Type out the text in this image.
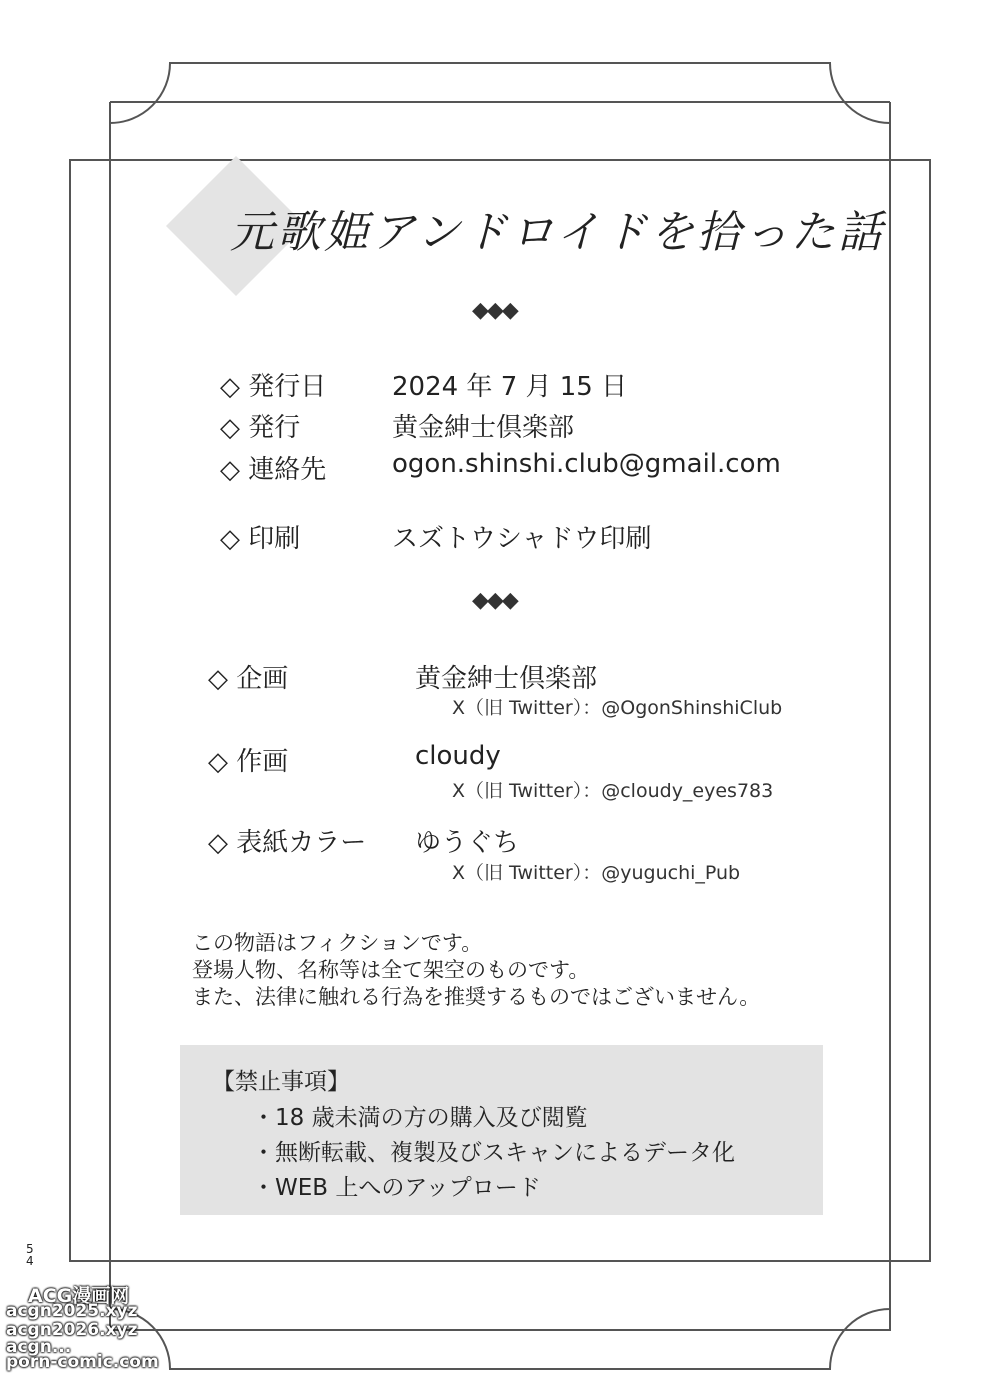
元歌姫アンドロイドを拾った話
◆◆◆
◇ 発行日	2024 年 7 月 15 日
◇ 発行	黄金紳士倶楽部
◇ 連絡先	ogon.shinshi.club@gmail.com
◇ 印刷	スズトウシャドウ印刷
◆◆◆
◇ 企画	黄金紳士倶楽部
X（旧 Twitter）：@OgonShinshiClub
◇ 作画	cloudy
X（旧 Twitter）：@cloudy_eyes783
◇ 表紙カラー ゆうぐち
X（旧 Twitter）：@yuguchi_Pub
この物語はフィクションです。
登場人物、名称等は全て架空のものです。
また、法律に触れる行為を推奨するものではございません。
【禁止事項】
・18 歳未満の方の購入及び閲覧
・無断転載、複製及びスキャンによるデータ化
・WEB 上へのアップロード
54
ACG漫画网
acgn2025.xyz
acgn2026.xyz
acgn...
porn-comic.com
